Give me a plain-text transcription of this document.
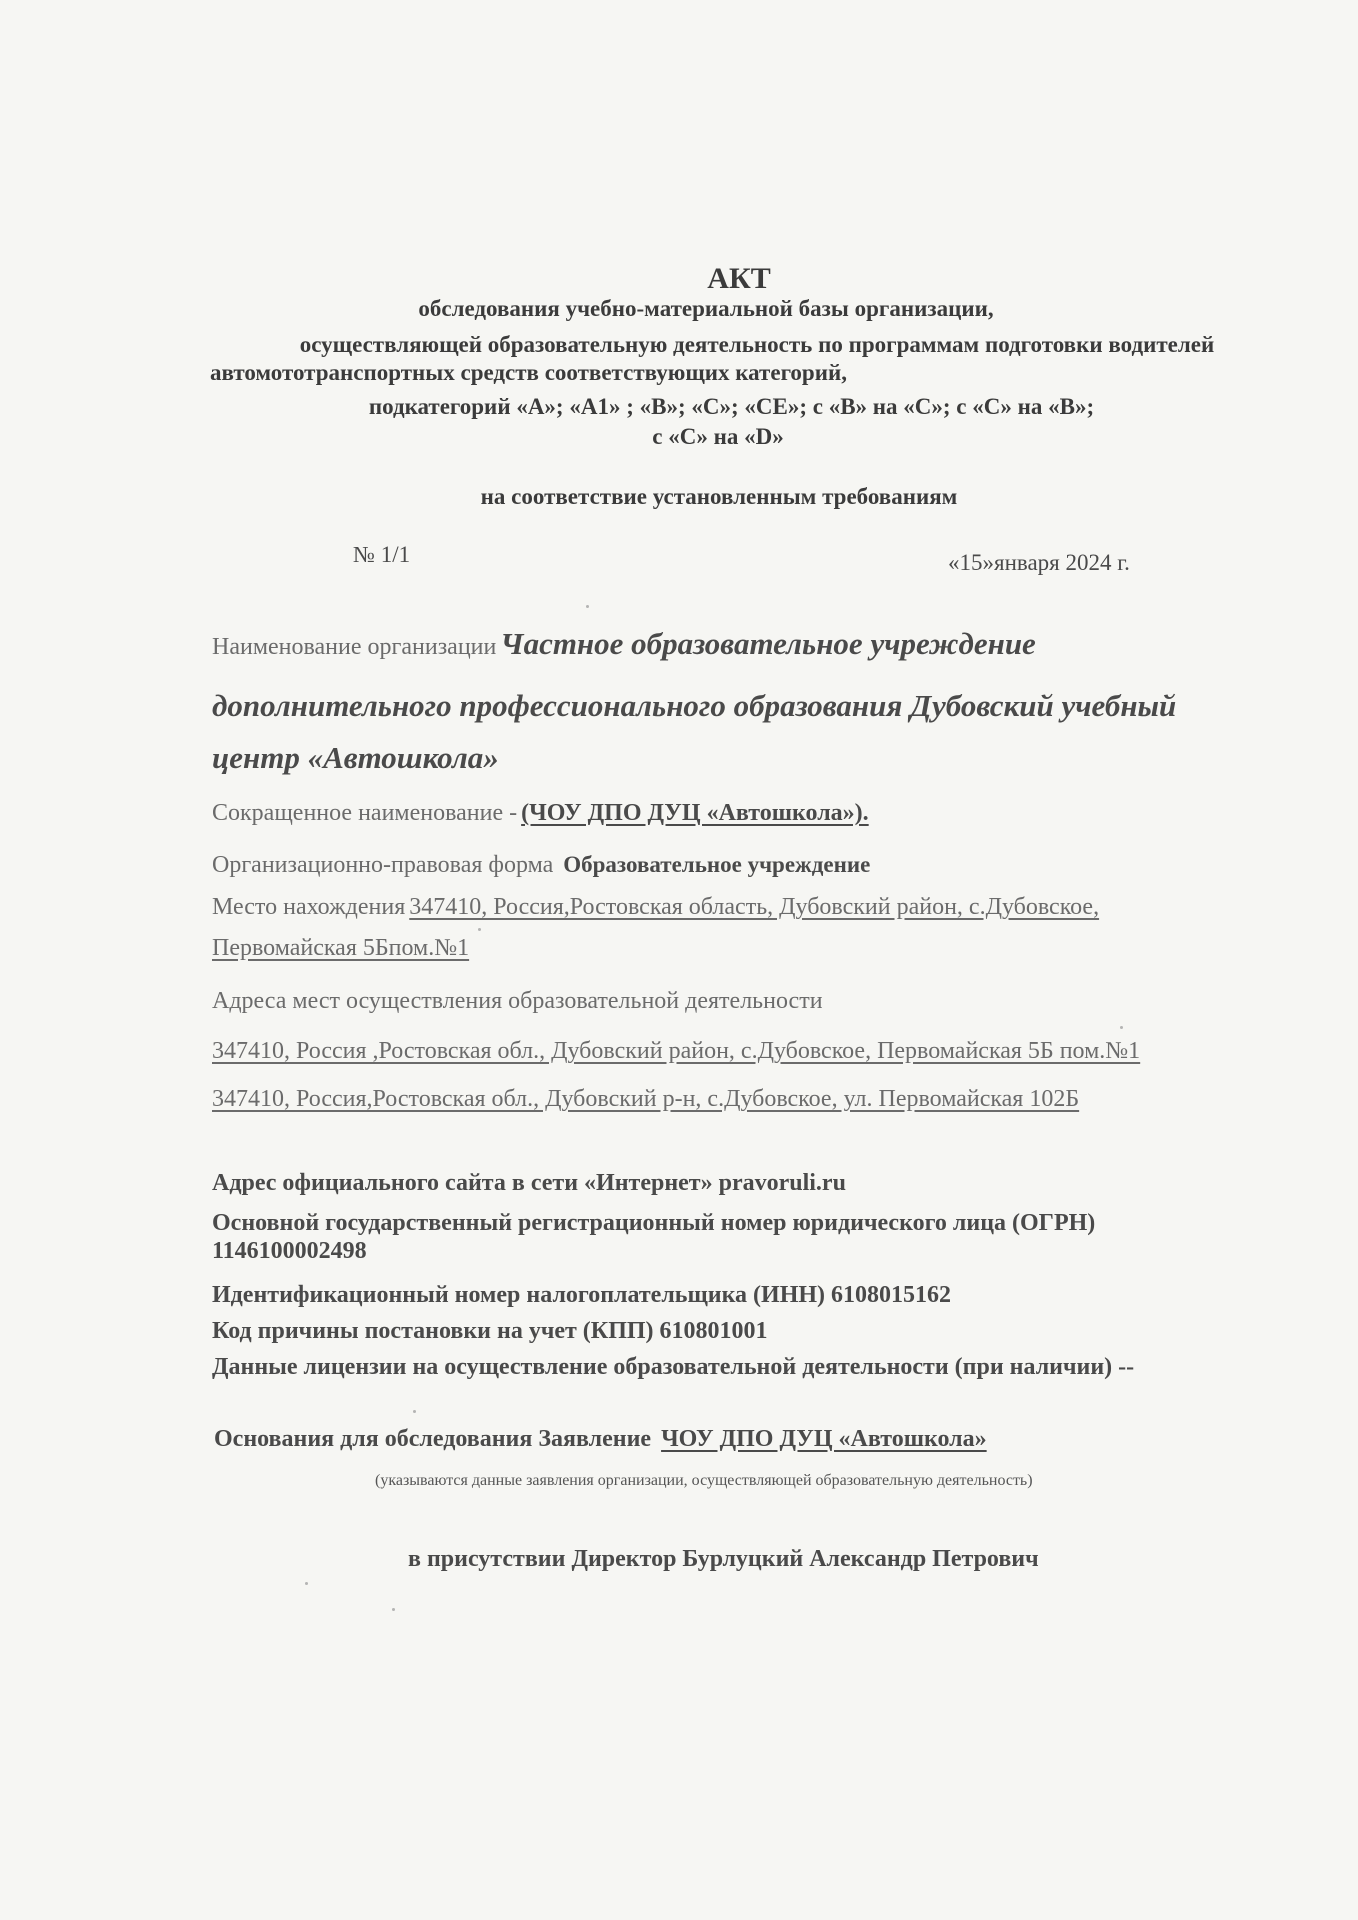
АКТ
обследования учебно-материальной базы организации,
осуществляющей образовательную деятельность по программам подготовки водителей
автомототранспортных средств соответствующих категорий,
подкатегорий «А»; «А1» ; «В»; «С»; «СЕ»; с «В» на «С»; с «С» на «В»;
с «С» на «D»
на соответствие установленным требованиям
№ 1/1	«15»января 2024 г.
Наименование организации Частное образовательное учреждение
дополнительного профессионального образования Дубовский учебный
центр «Автошкола»
Сокращенное наименование - (ЧОУ ДПО ДУЦ «Автошкола»).
Организационно-правовая форма Образовательное учреждение
Место нахождения 347410, Россия,Ростовская область, Дубовский район, с.Дубовское,
Первомайская 5Бпом.№1
Адреса мест осуществления образовательной деятельности
347410, Россия ,Ростовская обл., Дубовский район, с.Дубовское, Первомайская 5Б пом.№1
347410, Россия,Ростовская обл., Дубовский р-н, с.Дубовское, ул. Первомайская 102Б
Адрес официального сайта в сети «Интернет» pravoruli.ru
Основной государственный регистрационный номер юридического лица (ОГРН)
1146100002498
Идентификационный номер налогоплательщика (ИНН) 6108015162
Код причины постановки на учет (КПП) 610801001
Данные лицензии на осуществление образовательной деятельности (при наличии) --
Основания для обследования Заявление ЧОУ ДПО ДУЦ «Автошкола»
(указываются данные заявления организации, осуществляющей образовательную деятельность)
в присутствии Директор Бурлуцкий Александр Петрович
